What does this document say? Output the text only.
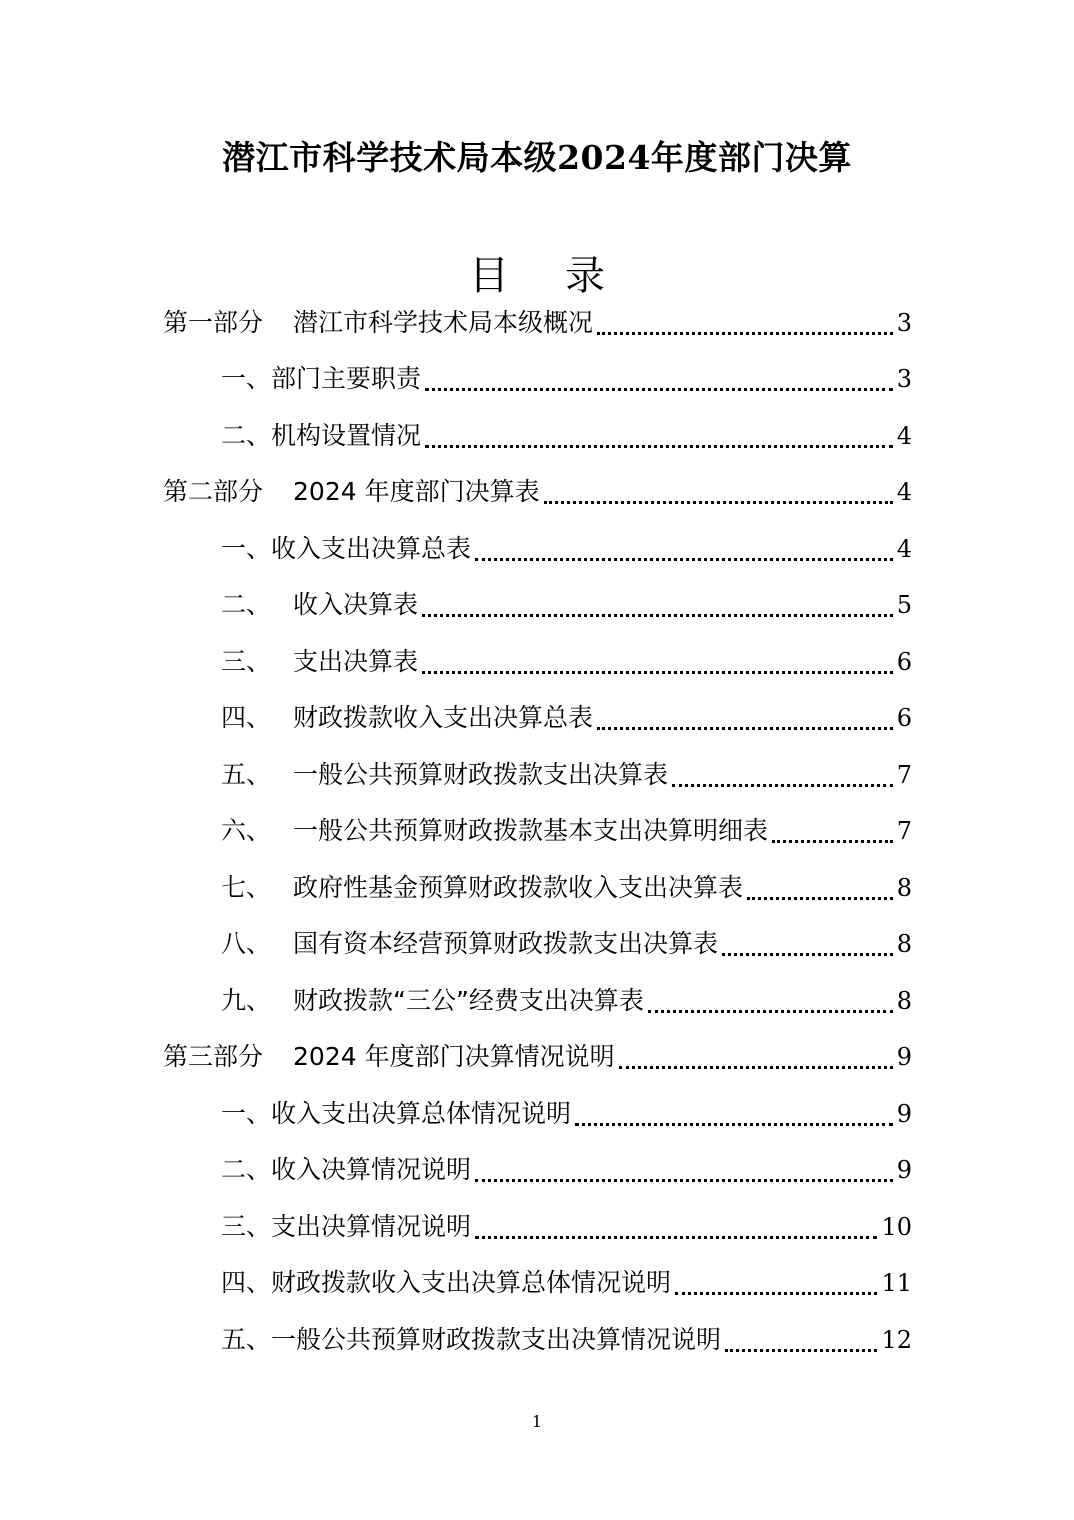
潜江市科学技术局本级2024年度部门决算
目 录
第一部分 潜江市科学技术局本级概况	3
一、 部门主要职责	3
二、 机构设置情况	4
第二部分 2024 年度部门决算表	4
一、 收入支出决算总表	4
二、 收入决算表	5
三、 支出决算表	6
四、 财政拨款收入支出决算总表	6
五、 一般公共预算财政拨款支出决算表	7
六、 一般公共预算财政拨款基本支出决算明细表	7
七、 政府性基金预算财政拨款收入支出决算表	8
八、 国有资本经营预算财政拨款支出决算表	8
九、 财政拨款“三公”经费支出决算表	8
第三部分 2024 年度部门决算情况说明	9
一、 收入支出决算总体情况说明	9
二、 收入决算情况说明	9
三、 支出决算情况说明	10
四、 财政拨款收入支出决算总体情况说明	11
五、 一般公共预算财政拨款支出决算情况说明	12
1
